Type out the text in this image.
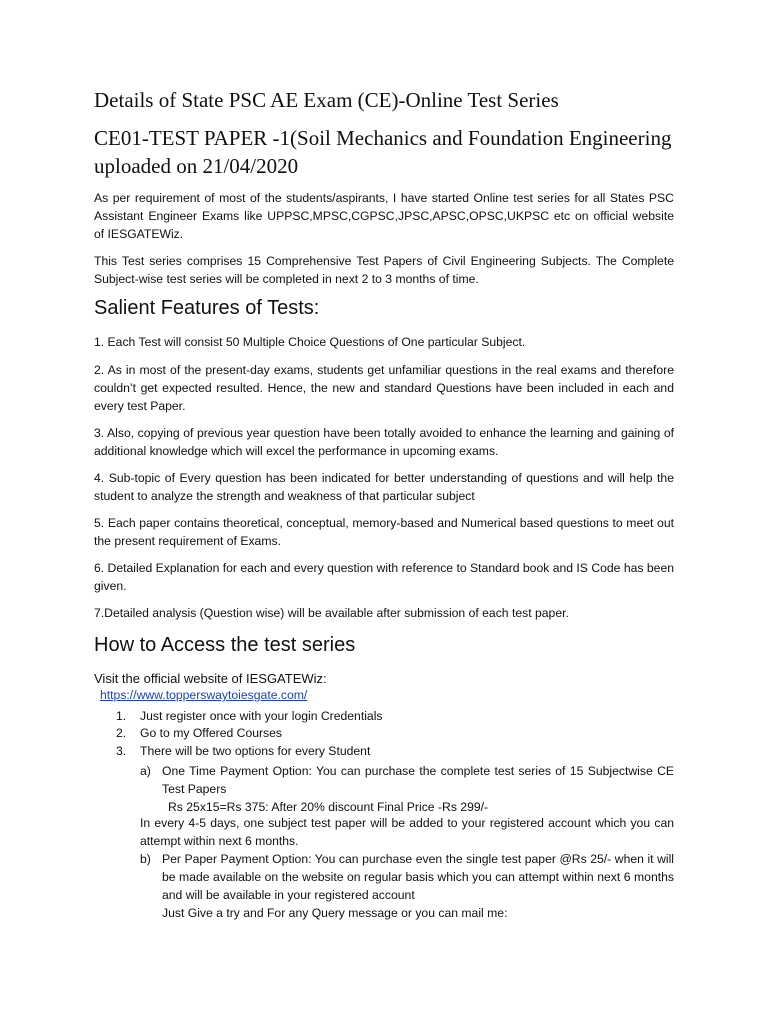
Details of State PSC AE Exam (CE)-Online Test Series
CE01-TEST PAPER -1(Soil Mechanics and Foundation Engineering uploaded on 21/04/2020
As per requirement of most of the students/aspirants, I have started Online test series for all States PSC Assistant Engineer Exams like UPPSC,MPSC,CGPSC,JPSC,APSC,OPSC,UKPSC etc on official website of IESGATEWiz.
This Test series comprises 15 Comprehensive Test Papers of Civil Engineering Subjects. The Complete Subject-wise test series will be completed in next 2 to 3 months of time.
Salient Features of Tests:
1. Each Test will consist 50 Multiple Choice Questions of One particular Subject.
2. As in most of the present-day exams, students get unfamiliar questions in the real exams and therefore couldn’t get expected resulted. Hence, the new and standard Questions have been included in each and every test Paper.
3. Also, copying of previous year question have been totally avoided to enhance the learning and gaining of additional knowledge which will excel the performance in upcoming exams.
4. Sub-topic of Every question has been indicated for better understanding of questions and will help the student to analyze the strength and weakness of that particular subject
5. Each paper contains theoretical, conceptual, memory-based and Numerical based questions to meet out the present requirement of Exams.
6. Detailed Explanation for each and every question with reference to Standard book and IS Code has been given.
7.Detailed analysis (Question wise) will be available after submission of each test paper.
How to Access the test series
Visit the official website of IESGATEWiz:
https://www.topperswaytoiesgate.com/
1. Just register once with your login Credentials
2. Go to my Offered Courses
3. There will be two options for every Student
a) One Time Payment Option: You can purchase the complete test series of 15 Subjectwise CE Test Papers
Rs 25x15=Rs 375: After 20% discount Final Price -Rs 299/-
In every 4-5 days, one subject test paper will be added to your registered account which you can attempt within next 6 months.
b) Per Paper Payment Option: You can purchase even the single test paper @Rs 25/- when it will be made available on the website on regular basis which you can attempt within next 6 months and will be available in your registered account
Just Give a try and For any Query message or you can mail me:
